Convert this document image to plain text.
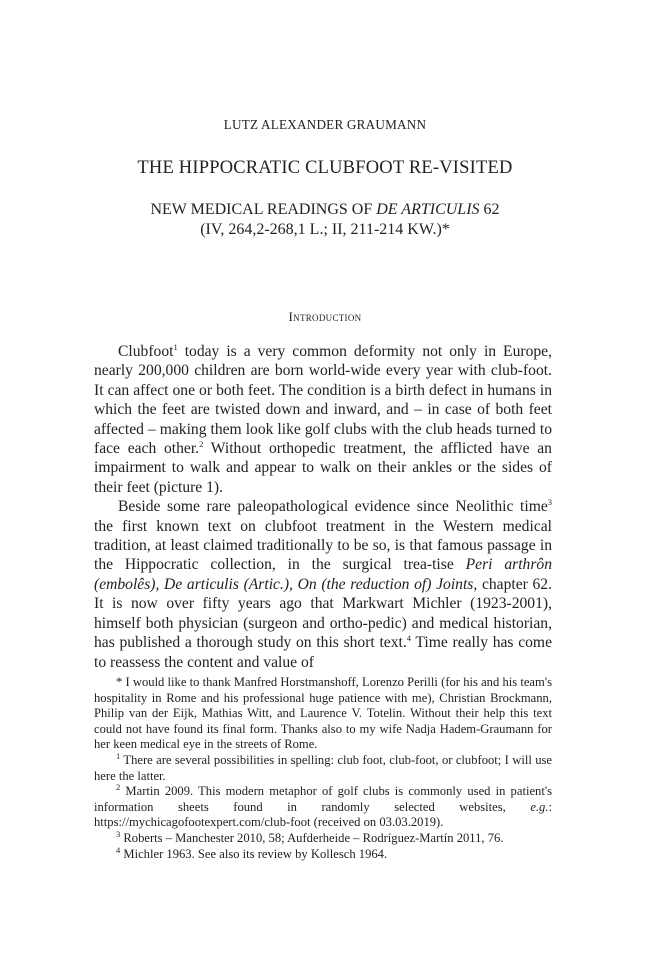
LUTZ ALEXANDER GRAUMANN
THE HIPPOCRATIC CLUBFOOT RE-VISITED
NEW MEDICAL READINGS OF DE ARTICULIS 62
(IV, 264,2-268,1 L.; II, 211-214 KW.)*
Introduction

Clubfoot$^1$ today is a very common deformity not only in Europe, nearly 200,000 children are born world-wide every year with club-foot. It can affect one or both feet. The condition is a birth defect in humans in which the feet are twisted down and inward, and – in case of both feet affected – making them look like golf clubs with the club heads turned to face each other.$^2$ Without orthopedic treatment, the afflicted have an impairment to walk and appear to walk on their ankles or the sides of their feet (picture 1).

Beside some rare paleopathological evidence since Neolithic time$^3$ the first known text on clubfoot treatment in the Western medical tradition, at least claimed traditionally to be so, is that famous passage in the Hippocratic collection, in the surgical trea-tise Peri arthrôn (embolês), De articulis (Artic.), On (the reduction of) Joints, chapter 62. It is now over fifty years ago that Markwart Michler (1923-2001), himself both physician (surgeon and ortho-pedic) and medical historian, has published a thorough study on this short text.$^4$ Time really has come to reassess the content and value of

* I would like to thank Manfred Horstmanshoff, Lorenzo Perilli (for his and his team's hospitality in Rome and his professional huge patience with me), Christian Brockmann, Philip van der Eijk, Mathias Witt, and Laurence V. Totelin. Without their help this text could not have found its final form. Thanks also to my wife Nadja Hadem-Graumann for her keen medical eye in the streets of Rome.

$^1$ There are several possibilities in spelling: club foot, club-foot, or clubfoot; I will use here the latter.

$^2$ Martin 2009. This modern metaphor of golf clubs is commonly used in patient's information sheets found in randomly selected websites, e.g.: https://mychicagofootexpert.com/club-foot (received on 03.03.2019).

$^3$ Roberts – Manchester 2010, 58; Aufderheide – Rodríguez-Martín 2011, 76.

$^4$ Michler 1963. See also its review by Kollesch 1964.
